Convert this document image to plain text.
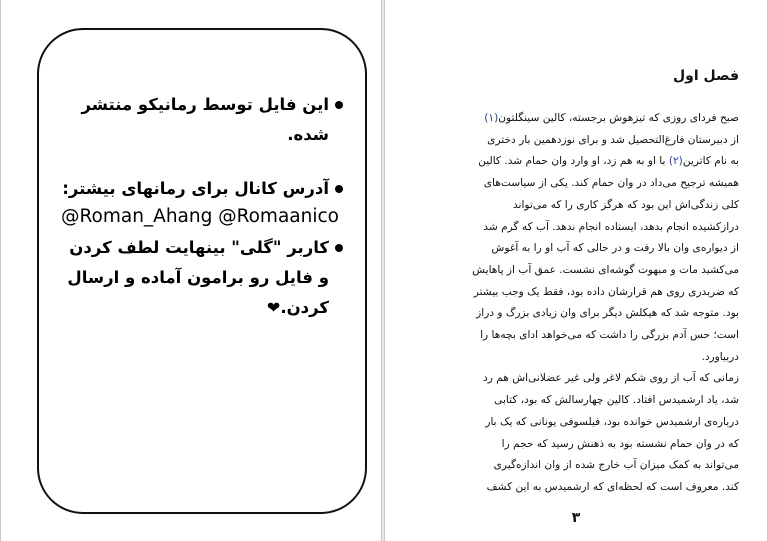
این فایل توسط رمانیکو منتشر شده.
آدرس کانال برای رمانهای بیشتر:
@Roman_Ahang @Romaanico
کاربر "گلی" بینهایت لطف کردن و فایل رو برامون آماده و ارسال کردن.❤
فصل اول
صبح فردای روزی که تیزهوش برجسته، کالین سینگلتون(۱)
از دبیرستان فارغ‌التحصیل شد و برای نوزدهمین بار دختری
به نام کاترین(۲) با او به هم زد، او وارد وان حمام شد. کالین
همیشه ترجیح می‌داد در وان حمام کند. یکی از سیاست‌های
کلی زندگی‌اش این بود که هرگز کاری را که می‌تواند
درازکشیده انجام بدهد، ایستاده انجام ندهد. آب که گرم شد
از دیواره‌ی وان بالا رفت و در حالی که آب او را به آغوش
می‌کشید مات و مبهوت گوشه‌ای نشست. عمق آب از پاهایش
که ضربدری روی هم قرارشان داده بود، فقط یک وجب بیشتر
بود. متوجه شد که هیکلش دیگر برای وان زیادی بزرگ و دراز
است؛ حس آدم بزرگی را داشت که می‌خواهد ادای بچه‌ها را
دربیاورد.
زمانی که آب از روی شکم لاغر ولی غیر عضلانی‌اش هم رد
شد، یاد ارشمیدس افتاد. کالین چهارسالش که بود، کتابی
درباره‌ی ارشمیدس خوانده بود، فیلسوفی یونانی که یک بار
که در وان حمام نشسته بود به ذهنش رسید که حجم را
می‌تواند به کمک میزان آب خارج شده از وان اندازه‌گیری
کند. معروف است که لحظه‌ای که ارشمیدس به این کشف
۳
